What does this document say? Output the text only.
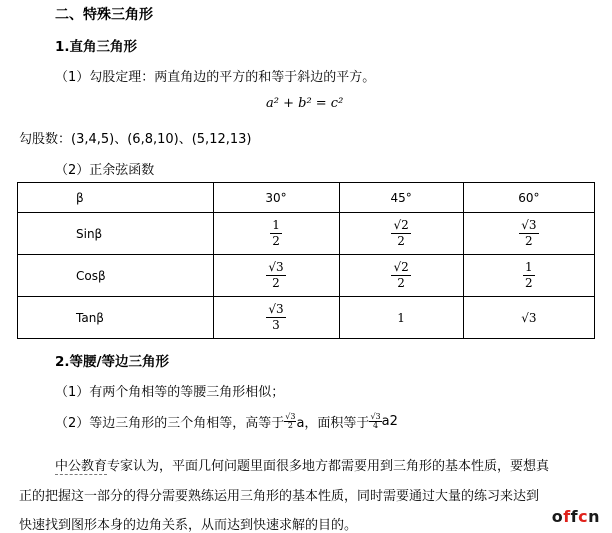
二、特殊三角形
1.直角三角形
（1）勾股定理：两直角边的平方的和等于斜边的平方。
a² + b² = c²
勾股数：(3,4,5)、(6,8,10)、(5,12,13)
（2）正余弦函数
β	30°	45°	60°
Sinβ	$\frac{1}{2}$	$\frac{√2}{2}$	$\frac{√3}{2}$

Cosβ	$\frac{√3}{2}$	$\frac{√2}{2}$	$\frac{1}{2}$

Tanβ	$\frac{√3}{3}$	1	√3
2.等腰/等边三角形
（1）有两个角相等的等腰三角形相似；
（2）等边三角形的三个角相等，高等于 $\frac{√3}{2}$ a，面积等于 $\frac{√3}{4} a2$
中公教育专家认为，平面几何问题里面很多地方都需要用到三角形的基本性质，要想真
正的把握这一部分的得分需要熟练运用三角形的基本性质，同时需要通过大量的练习来达到
快速找到图形本身的边角关系，从而达到快速求解的目的。	offcn
